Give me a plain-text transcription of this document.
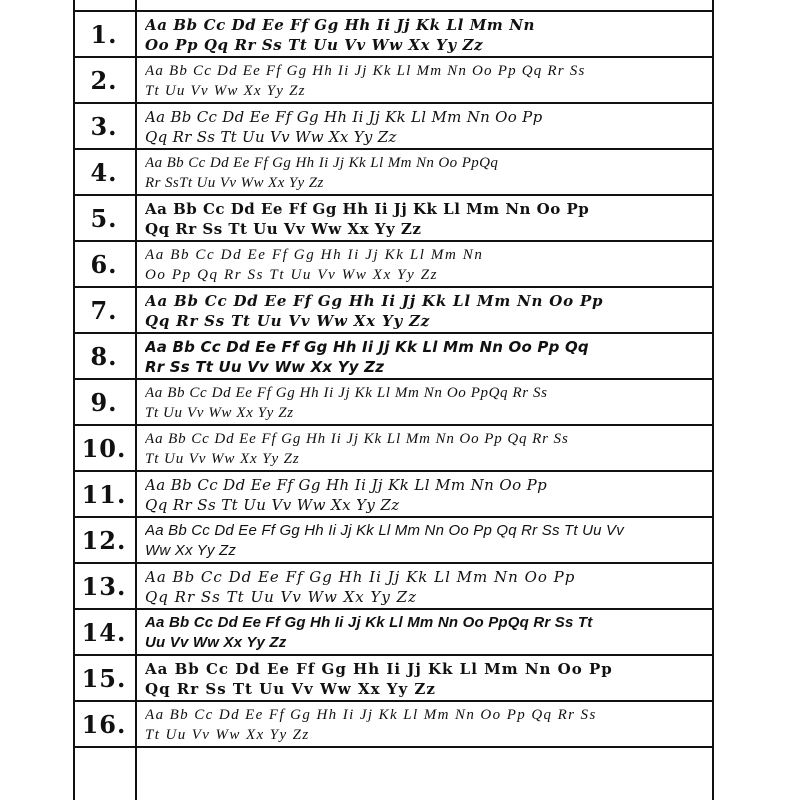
1.	Aa Bb Cc Dd Ee Ff Gg Hh Ii Jj Kk Ll Mm Nn
Oo Pp Qq Rr Ss Tt Uu Vv Ww Xx Yy Zz
2.	Aa Bb Cc Dd Ee Ff Gg Hh Ii Jj Kk Ll Mm Nn Oo Pp Qq Rr Ss
Tt Uu Vv Ww Xx Yy Zz
3.	Aa Bb Cc Dd Ee Ff Gg Hh Ii Jj Kk Ll Mm Nn Oo Pp
Qq Rr Ss Tt Uu Vv Ww Xx Yy Zz
4.	Aa Bb Cc Dd Ee Ff Gg Hh Ii Jj Kk Ll Mm Nn Oo PpQq
Rr SsTt Uu Vv Ww Xx Yy Zz
5.	Aa Bb Cc Dd Ee Ff Gg Hh Ii Jj Kk Ll Mm Nn Oo Pp
Qq Rr Ss Tt Uu Vv Ww Xx Yy Zz
6.	Aa Bb Cc Dd Ee Ff Gg Hh Ii Jj Kk Ll Mm Nn
Oo Pp Qq Rr Ss Tt Uu Vv Ww Xx Yy Zz
7.	Aa Bb Cc Dd Ee Ff Gg Hh Ii Jj Kk Ll Mm Nn Oo Pp
Qq Rr Ss Tt Uu Vv Ww Xx Yy Zz
8.	Aa Bb Cc Dd Ee Ff Gg Hh Ii Jj Kk Ll Mm Nn Oo Pp Qq
Rr Ss Tt Uu Vv Ww Xx Yy Zz
9.	Aa Bb Cc Dd Ee Ff Gg Hh Ii Jj Kk Ll Mm Nn Oo PpQq Rr Ss
Tt Uu Vv Ww Xx Yy Zz
10.	Aa Bb Cc Dd Ee Ff Gg Hh Ii Jj Kk Ll Mm Nn Oo Pp Qq Rr Ss
Tt Uu Vv Ww Xx Yy Zz
11.	Aa Bb Cc Dd Ee Ff Gg Hh Ii Jj Kk Ll Mm Nn Oo Pp
Qq Rr Ss Tt Uu Vv Ww Xx Yy Zz
12.	Aa Bb Cc Dd Ee Ff Gg Hh Ii Jj Kk Ll Mm Nn Oo Pp Qq Rr Ss Tt Uu Vv
Ww Xx Yy Zz
13.	Aa Bb Cc Dd Ee Ff Gg Hh Ii Jj Kk Ll Mm Nn Oo Pp
Qq Rr Ss Tt Uu Vv Ww Xx Yy Zz
14.	Aa Bb Cc Dd Ee Ff Gg Hh Ii Jj Kk Ll Mm Nn Oo PpQq Rr Ss Tt
Uu Vv Ww Xx Yy Zz
15.	Aa Bb Cc Dd Ee Ff Gg Hh Ii Jj Kk Ll Mm Nn Oo Pp
Qq Rr Ss Tt Uu Vv Ww Xx Yy Zz
16.	Aa Bb Cc Dd Ee Ff Gg Hh Ii Jj Kk Ll Mm Nn Oo Pp Qq Rr Ss
Tt Uu Vv Ww Xx Yy Zz
